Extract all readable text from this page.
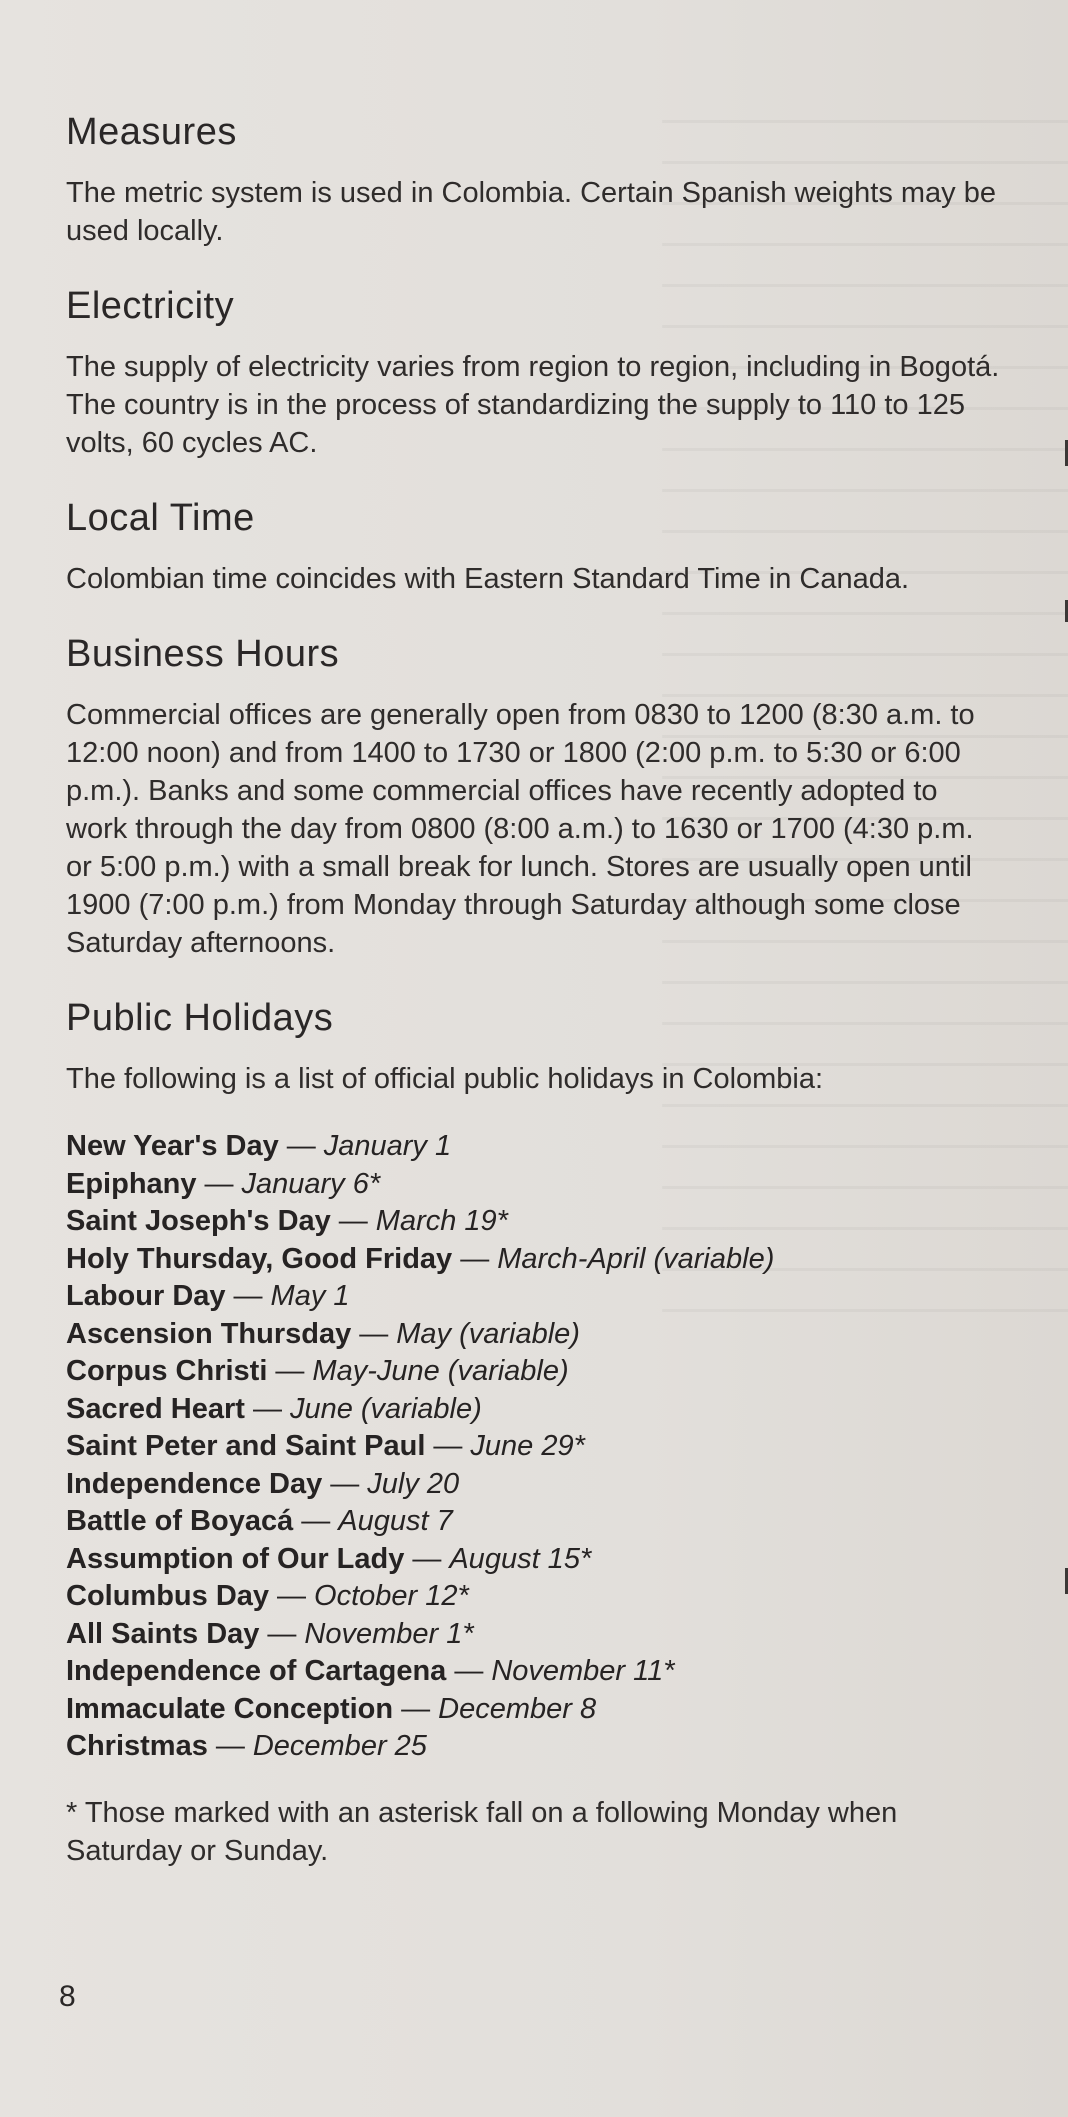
Measures

The metric system is used in Colombia. Certain Spanish weights may be used locally.

Electricity

The supply of electricity varies from region to region, including in Bogotá. The country is in the process of standardizing the supply to 110 to 125 volts, 60 cycles AC.

Local Time

Colombian time coincides with Eastern Standard Time in Canada.

Business Hours

Commercial offices are generally open from 0830 to 1200 (8:30 a.m. to 12:00 noon) and from 1400 to 1730 or 1800 (2:00 p.m. to 5:30 or 6:00 p.m.). Banks and some commercial offices have recently adopted to work through the day from 0800 (8:00 a.m.) to 1630 or 1700 (4:30 p.m. or 5:00 p.m.) with a small break for lunch. Stores are usually open until 1900 (7:00 p.m.) from Monday through Saturday although some close Saturday afternoons.

Public Holidays

The following is a list of official public holidays in Colombia:

New Year's Day — January 1
Epiphany — January 6*
Saint Joseph's Day — March 19*
Holy Thursday, Good Friday — March-April (variable)
Labour Day — May 1
Ascension Thursday — May (variable)
Corpus Christi — May-June (variable)
Sacred Heart — June (variable)
Saint Peter and Saint Paul — June 29*
Independence Day — July 20
Battle of Boyacá — August 7
Assumption of Our Lady — August 15*
Columbus Day — October 12*
All Saints Day — November 1*
Independence of Cartagena — November 11*
Immaculate Conception — December 8
Christmas — December 25

* Those marked with an asterisk fall on a following Monday when Saturday or Sunday.

8
